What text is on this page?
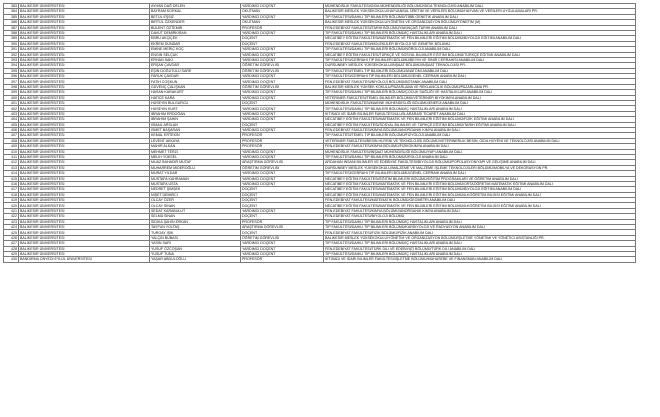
383	BALIKESİR ÜNİVERSİTESİ	AYHAN DAĞ DELEN	YARDIMCI DOÇENT	MÜHENDİSLİK FAKÜLTESİ/GIDA MÜHENDİSLİĞİ BÖLÜMÜ/GIDA TEKNOLOJİSİ ANABİLİM DALI
384	BALIKESİR ÜNİVERSİTESİ	BAYRAM KORKAL	OKUTMAN	BALIKESİR MESLEK YÜKSEKOKULU/HAYVANSAL ÜRETİM VE VERİLERİ BÖLÜMÜ/HAYVAN VE VERİLERİ UYGULAMALARI PR.
385	BALIKESİR ÜNİVERSİTESİ	BETÜL EŞSİZ	YARDIMCI DOÇENT	TIP FAKÜLTESİ/DAHİLİ TIP BİLİMLERİ BÖLÜMÜ/TIBBİ GENETİK ANABİLİM DALI
386	BALIKESİR ÜNİVERSİTESİ	BİRTÜL ÖZKENDER	OKUTMAN	BALIKESİR MESLEK YÜKSEKOKULU/YÖNETİM VE ORGANİZASYON BÖLÜMÜ/YÖNETİM (M)
387	BALIKESİR ÜNİVERSİTESİ	BÜLENT ÖZTEMİR	PROFESÖR	FEN-EDEBİYAT FAKÜLTESİ/TARİH BÖLÜMÜ/YAKINÇAĞ TARİHİ ANABİLİM DALI
388	BALIKESİR ÜNİVERSİTESİ	DAVUT DEMİRKIRAN	YARDIMCI DOÇENT	TIP FAKÜLTESİ/DAHİLİ TIP BİLİMLERİ BÖLÜMÜ/İÇ HASTALIKLARI ANABİLİM DALI
389	BALIKESİR ÜNİVERSİTESİ	EBRU AKÇİÇEK	DOÇENT	NECATİBEY EĞİTİM FAKÜLTESİ/MATEMATİK VE FEN BİLİMLERİ EĞİTİMİ BÖLÜMÜ/BİYOLOJİ EĞİTİMİ ANABİLİM DALI
390	BALIKESİR ÜNİVERSİTESİ	EKREM DÜNDAR	DOÇENT	FEN-EDEBİYAT FAKÜLTESİ/MOLEKÜLER BİYOLOJİ VE GENETİK BÖLÜMÜ
391	BALIKESİR ÜNİVERSİTESİ	EMİNE MERİÇ KOÇ	YARDIMCI DOÇENT	TIP FAKÜLTESİ/DAHİLİ TIP BİLİMLERİ BÖLÜMÜ/NÖROLOJİ ANABİLİM DALI
392	BALIKESİR ÜNİVERSİTESİ	ENGİN SELÇUK	YARDIMCI DOÇENT	NECATİBEY EĞİTİM FAKÜLTESİ/TÜRKÇE VE SOSYAL BİLİMLER EĞİTİMİ BÖLÜMÜ/TÜRKÇE EĞİTİMİ ANABİLİM DALI
393	BALIKESİR ÜNİVERSİTESİ	ERHAN SAKİ	YARDIMCI DOÇENT	TIP FAKÜLTESİ/CERRAHİ TIP BİLİMLERİ BÖLÜMÜ/BEYİN VE SİNİR CERRAHİSİ ANABİLİM DALI
394	BALIKESİR ÜNİVERSİTESİ	ERŞAN ÇAVDAR	ÖĞRETİM GÖREVLİSİ	DURSUNBEY MESLEK YÜKSEKOKULU/İNŞAAT BÖLÜMÜ/İNŞAAT TEKNOLOJİSİ PR.
395	BALIKESİR ÜNİVERSİTESİ	EŞİN DOĞUTÜLÜ SARE	ÖĞRETİM GÖREVLİSİ	TIP FAKÜLTESİ/TEMEL TIP BİLİMLERİ BÖLÜMÜ/ANATOMİ ANABİLİM DALI
396	BALIKESİR ÜNİVERSİTESİ	FARUK ÇAVDAR	YARDIMCI DOÇENT	TIP FAKÜLTESİ/CERRAHİ TIP BİLİMLERİ BÖLÜMÜ/GENEL CERRAHİ ANABİLİM DALI
397	BALIKESİR ÜNİVERSİTESİ	FATİH COŞKUN	YARDIMCI DOÇENT	FEN-EDEBİYAT FAKÜLTESİ/BİYOLOJİ BÖLÜMÜ/BOTANİK ANABİLİM DALI
398	BALIKESİR ÜNİVERSİTESİ	GÜVENÇ ÇALIŞKAN	ÖĞRETİM GÖREVLİSİ	BALIKESİR MESLEK YÜKSEK KOKULU/PAZARLAMA VE REKLAMCILIK BÖLÜMÜ/PAZARLAMA PR.
399	BALIKESİR ÜNİVERSİTESİ	HASAN KARAKURT	YARDIMCI DOÇENT	TIP FAKÜLTESİ/DAHİLİ TIP BİLİMLERİ BÖLÜMÜ/ÇOCUK SAĞLIĞI VE HASTALIKLARI ANABİLİM DALI
400	BALIKESİR ÜNİVERSİTESİ	HATİCE KARA	YARDIMCI DOÇENT	VETERİNER FAKÜLTESİ/TEMEL BİLİMLER BÖLÜMÜ/VETERİNER BİYOKİMYA ANABİLİM DALI
401	BALIKESİR ÜNİVERSİTESİ	HÜSEYİN BULGURCU	DOÇENT	MÜHENDİSLİK FAKÜLTESİ/MAKİNE MÜHENDİSLİĞİ BÖLÜMÜ/ENERJİ ANABİLİM DALI
402	BALIKESİR ÜNİVERSİTESİ	HÜSEYİN KURT	YARDIMCI DOÇENT	TIP FAKÜLTESİ/DAHİLİ TIP BİLİMLERİ BÖLÜMÜ/İÇ HASTALIKLARI ANABİLİM DALI
403	BALIKESİR ÜNİVERSİTESİ	İBRAHİM ERDOĞAN	YARDIMCI DOÇENT	İKTİSADİ VE İDARİ BİLİMLER FAKÜLTESİ/ULUSLARARASI TİCARET ANABİLİM DALI
404	BALIKESİR ÜNİVERSİTESİ	İBRAHİM ŞAHİN	YARDIMCI DOÇENT	NECATİBEY EĞİTİM FAKÜLTESİ/MATEMATİK VE FEN BİLİMLERİ EĞİTİMİ BÖLÜMÜ/FİZİK EĞİTİMİ ANABİLİM DALI
405	BALIKESİR ÜNİVERSİTESİ	İSMAİL ARSLAN	DOÇENT	NECATİBEY EĞİTİM FAKÜLTESİ/SOSYAL BİLİMLER VE TÜRKÇE EĞİTİMİ BÖLÜMÜ/TARİH EĞİTİMİ ANABİLİM DALI
406	BALIKESİR ÜNİVERSİTESİ	İSMET BAŞARAN	YARDIMCI DOÇENT	FEN-EDEBİYAT FAKÜLTESİ/KİMYA BÖLÜMÜ/ANORGANİK KİMYA ANABİLİM DALI
407	BALIKESİR ÜNİVERSİTESİ	KEMAL ERTEKİN	PROFESÖR	TIP FAKÜLTESİ/TEMEL TIP BİLİMLERİ BÖLÜMÜ/FİZYOLOJİ ANABİLİM DALI
408	BALIKESİR ÜNİVERSİTESİ	LEVENT AKKAYA	PROFESÖR	VETERİNER FAKÜLTESİ/BESİN HİJYENİ VE TEKNOLOJİSİ BÖLÜMÜ/VETERİNERLİK BESİN, GIDA HİJYENİ VE TEKNOLOJİSİ ANABİLİM DALI
409	BALIKESİR ÜNİVERSİTESİ	MAHİR ALKAN	PROFESÖR	FEN-EDEBİYAT FAKÜLTESİ/KİMYA BÖLÜMÜ/FİZİKOKİMYA ANABİLİM DALI
410	BALIKESİR ÜNİVERSİTESİ	MEHMET TERZİ	YARDIMCI DOÇENT	MÜHENDİSLİK FAKÜLTESİ/İNŞAAT MÜHENDİSLİĞİ BÖLÜMÜ/YAPI ANABİLİM DALI
411	BALIKESİR ÜNİVERSİTESİ	MELİH YÜKSEL	YARDIMCI DOÇENT	TIP FAKÜLTESİ/DAHİLİ TIP BİLİMLERİ BÖLÜMÜ/ÜROLOJİ ANABİLİM DALI
412	BALIKESİR ÜNİVERSİTESİ	MUAZ BAHADIR MUTAF	ARAŞTIRMA GÖREVLİSİ	ARDAHAN İNSANİ BİLİMLER VE EDEBİYAT FAKÜLTESİ/BİYOLOJİ BÖLÜMÜ/POPÜLASYON/YAPI VE GELİŞİME ANABİLİM DALI
413	BALIKESİR ÜNİVERSİTESİ	MUHARREM MİDEROĞLU	ÖĞRETİM GÖREVLİSİ	DURSUNBEY MESLEK YÜKSEKOKULU/MALZEME VE MALZEME İŞLEME TEKNOLOJİLERİ BÖLÜMÜ/MOBİLYA VE DEKORASYON PR.
414	BALIKESİR ÜNİVERSİTESİ	MURAT YILDAR	YARDIMCI DOÇENT	TIP FAKÜLTESİ/CERRAHİ TIP BİLİMLERİ BÖLÜMÜ/GENEL CERRAHİ ANABİLİM DALI
415	BALIKESİR ÜNİVERSİTESİ	MUSTAFA KAHRAMAN	YARDIMCI DOÇENT	NECATİBEY EĞİTİM FAKÜLTESİ/EĞİTİM BİLİMLERİ BÖLÜMÜ/EĞİTİM PROGRAMLARI VE ÖĞRETİM ANABİLİM DALI
416	BALIKESİR ÜNİVERSİTESİ	MUSTAFA USTA	YARDIMCI DOÇENT	NECATİBEY EĞİTİM FAKÜLTESİ/MATEMATİK VE FEN BİLİMLERİ EĞİTİMİ BÖLÜMÜ/ORTAÖĞRETİM MATEMATİK EĞİTİMİ ANABİLİM DALI
417	BALIKESİR ÜNİVERSİTESİ	NEDRET ŞİMŞEK	DOÇENT	NECATİBEY EĞİTİM FAKÜLTESİ/MATEMATİK VE FEN BİLİMLERİ EĞİTİMİ BÖLÜMÜ/BİYOLOJİ EĞİTİMİ ANABİLİM DALI
418	BALIKESİR ÜNİVERSİTESİ	NİŞET DEMİRCİ	DOÇENT	NECATİBEY EĞİTİM FAKÜLTESİ/MATEMATİK VE FEN BİLİMLERİ EĞİTİMİ BÖLÜMÜ/İLKÖĞRETİM BİLGİSİ EĞİTİMİ ANABİLİM DALI
419	BALIKESİR ÜNİVERSİTESİ	OLCAY ÖZER	DOÇENT	FEN-EDEBİYAT FAKÜLTESİ/MATEMATİK BÖLÜMÜ/GEOMETRİ ANABİLİM DALI
420	BALIKESİR ÜNİVERSİTESİ	OLCAY SİNAN	DOÇENT	NECATİBEY EĞİTİM FAKÜLTESİ/MATEMATİK VE FEN BİLİMLERİ EĞİTİMİ BÖLÜMÜ/İLKÖĞRETİM BİLGİSİ EĞİTİMİ ANABİLİM DALI
421	BALIKESİR ÜNİVERSİTESİ	SEDAT KARABULUT	YARDIMCI DOÇENT	FEN-EDEBİYAT FAKÜLTESİ/KİMYA BÖLÜMÜ/ANORGANİK KİMYA ANABİLİM DALI
422	BALIKESİR ÜNİVERSİTESİ	SELMA SİNAN	DOÇENT	FEN-EDEBİYAT FAKÜLTESİ/BİYOLOJİ BÖLÜMÜ
423	BALIKESİR ÜNİVERSİTESİ	SIDIKA ŞAHİN ERKAN	PROFESÖR	TIP FAKÜLTESİ/DAHİLİ TIP BİLİMLERİ BÖLÜMÜ/İÇ HASTALIKLARI ANABİLİM DALI
424	BALIKESİR ÜNİVERSİTESİ	TAYFUN YOLTAŞ	ARAŞTIRMA GÖREVLİSİ	TIP FAKÜLTESİ/DAHİLİ TIP BİLİMLERİ BÖLÜMÜ/KARDİYOLOJİ VE RADYASYON ANABİLİM DALI
425	BALIKESİR ÜNİVERSİTESİ	TURGAY IŞIK	DOÇENT	FEN-EDEBİYAT FAKÜLTESİ/FİZİK BÖLÜMÜ/FİZİK ANABİLİM DALI
426	BALIKESİR ÜNİVERSİTESİ	YALÇIN BUBASI	ÖĞRETİM GÖREVLİSİ	BALIKESİR MESLEK YÜKSEKOKULU/YÖNETİM VE ORGANİZASYON BÖLÜMÜ/İŞLETME YÖNETİMİ VE YÖNETİCİ ASİSTANLIĞI PR.
427	BALIKESİR ÜNİVERSİTESİ	YASİN SARI	YARDIMCI DOÇENT	TIP FAKÜLTESİ/DAHİLİ TIP BİLİMLERİ BÖLÜMÜ/İÇ HASTALIKLARI ANABİLİM DALI
428	BALIKESİR ÜNİVERSİTESİ	YUSUF ÖZCOŞAN	YARDIMCI DOÇENT	FEN-EDEBİYAT FAKÜLTESİ/TÜRK DİLİ VE EDEBİYATI BÖLÜMÜ/TÜRK DİLİ ANABİLİM DALI
429	BALIKESİR ÜNİVERSİTESİ	YUSUF TUNA	YARDIMCI DOÇENT	TIP FAKÜLTESİ/DAHİLİ TIP BİLİMLERİ BÖLÜMÜ/İÇ HASTALIKLARI ANABİLİM DALI
430	BANDIRMA ONYEDİ EYLÜL ÜNİVERSİTESİ	YAŞAR ABDULOĞLU	PROFESÖR	İKTİSADİ VE İDARİ BİLİMLER FAKÜLTESİ/İŞLETME BÖLÜMÜ/MUHASEBE VE FİNANSMAN ANABİLİM DALI
